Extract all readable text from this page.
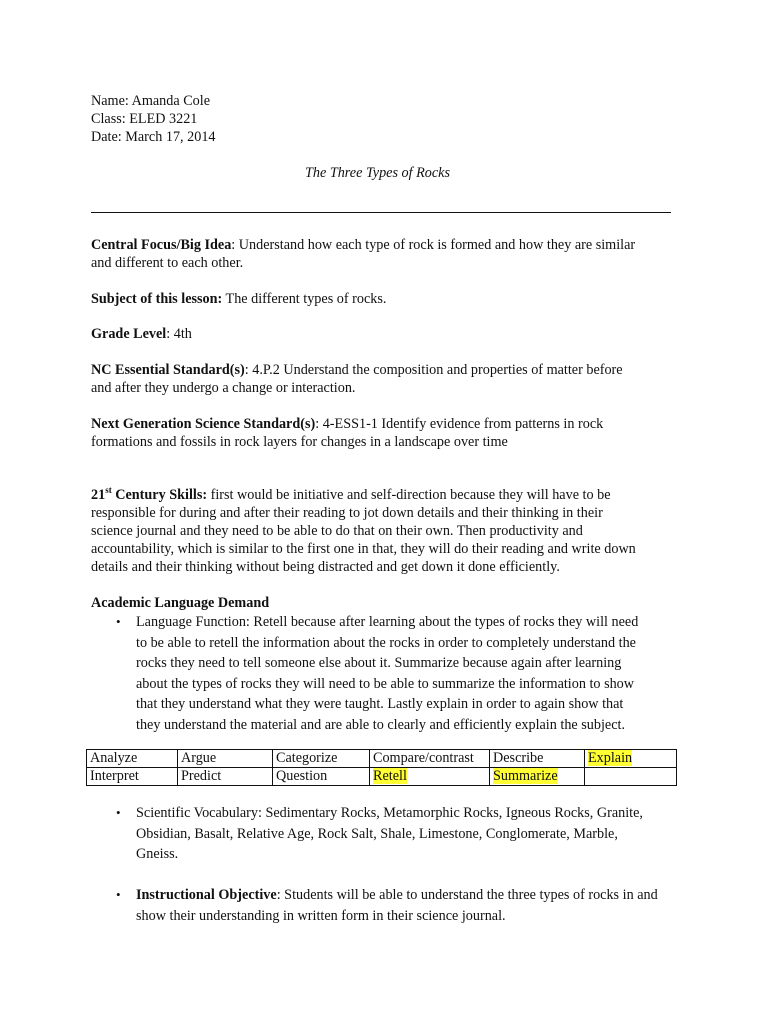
Name: Amanda Cole
Class: ELED 3221
Date: March 17, 2014
The Three Types of Rocks
Central Focus/Big Idea: Understand how each type of rock is formed and how they are similar
and different to each other.
Subject of this lesson: The different types of rocks.
Grade Level: 4th
NC Essential Standard(s): 4.P.2 Understand the composition and properties of matter before
and after they undergo a change or interaction.
Next Generation Science Standard(s): 4-ESS1-1 Identify evidence from patterns in rock
formations and fossils in rock layers for changes in a landscape over time
21st Century Skills: first would be initiative and self-direction because they will have to be
responsible for during and after their reading to jot down details and their thinking in their
science journal and they need to be able to do that on their own. Then productivity and
accountability, which is similar to the first one in that, they will do their reading and write down
details and their thinking without being distracted and get down it done efficiently.
Academic Language Demand
• Language Function: Retell because after learning about the types of rocks they will need
to be able to retell the information about the rocks in order to completely understand the
rocks they need to tell someone else about it. Summarize because again after learning
about the types of rocks they will need to be able to summarize the information to show
that they understand what they were taught. Lastly explain in order to again show that
they understand the material and are able to clearly and efficiently explain the subject.
Analyze	Argue	Categorize	Compare/contrast	Describe	Explain
Interpret	Predict	Question	Retell	Summarize	
• Scientific Vocabulary: Sedimentary Rocks, Metamorphic Rocks, Igneous Rocks, Granite,
Obsidian, Basalt, Relative Age, Rock Salt, Shale, Limestone, Conglomerate, Marble,
Gneiss.
• Instructional Objective: Students will be able to understand the three types of rocks in and
show their understanding in written form in their science journal.
